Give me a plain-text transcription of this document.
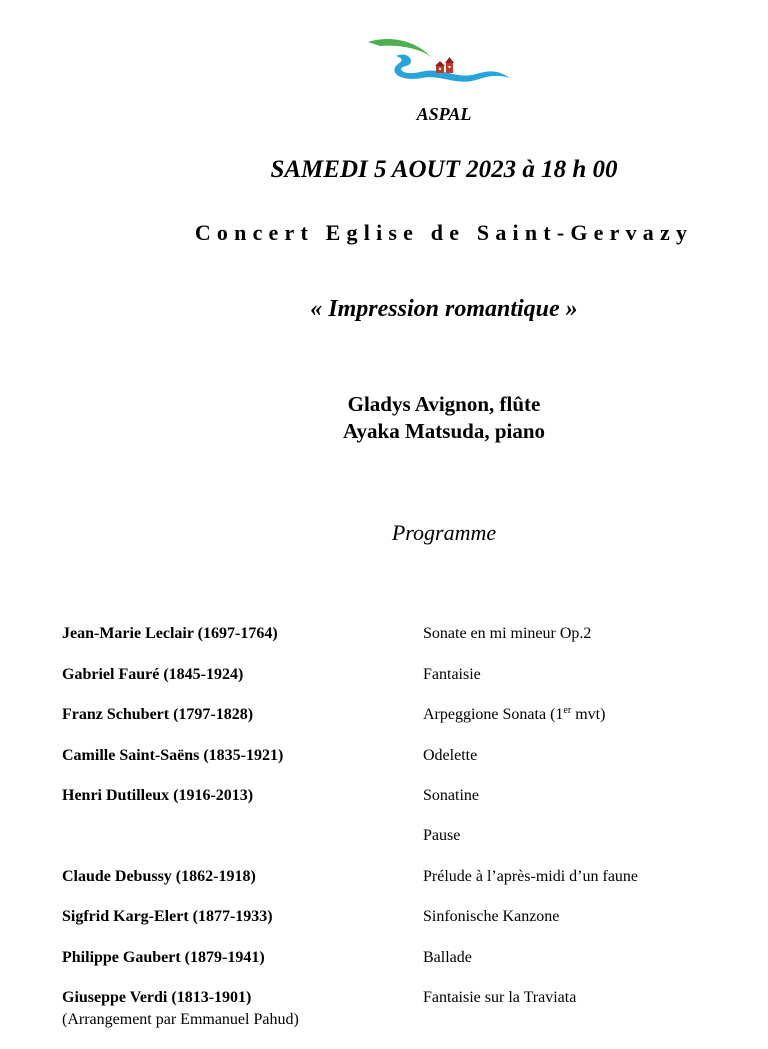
ASPAL
SAMEDI 5 AOUT 2023 à 18 h 00
Concert Eglise de Saint-Gervazy
« Impression romantique »
Gladys Avignon, flûte
Ayaka Matsuda, piano
Programme
Jean-Marie Leclair (1697-1764)	Sonate en mi mineur Op.2
Gabriel Fauré (1845-1924)	Fantaisie
Franz Schubert (1797-1828)	Arpeggione Sonata (1er mvt)
Camille Saint-Saëns (1835-1921)	Odelette
Henri Dutilleux (1916-2013)	Sonatine
Pause
Claude Debussy (1862-1918)	Prélude à l’après-midi d’un faune
Sigfrid Karg-Elert (1877-1933)	Sinfonische Kanzone
Philippe Gaubert (1879-1941)	Ballade
Giuseppe Verdi (1813-1901)	Fantaisie sur la Traviata
(Arrangement par Emmanuel Pahud)
